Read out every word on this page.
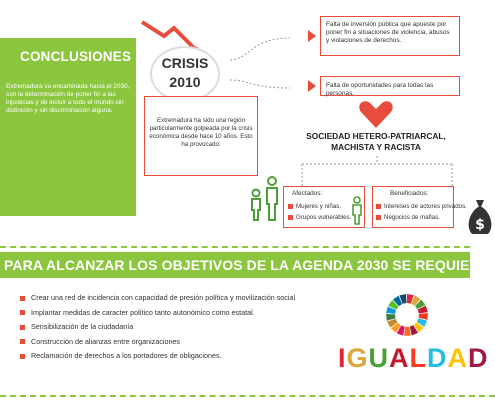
CONCLUSIONES
Extremadura va encaminada hacia el 2030, con la determinación de poner fin a las injusticias y de incluir a todo el mundo sin distinción y sin discriminación alguna.
CRISIS
2010
Extremadura ha sido una región particularmente golpeada por la crisis económica desde hace 10 años. Esto ha provocado:
Falta de inversión pública que apueste por poner fin a situaciones de violencia, abusos y violaciones de derechos.
Falta de oportunidades para todas las personas.
SOCIEDAD HETERO-PATRIARCAL,
MACHISTA Y RACISTA
Afectados:
Mujeres y niñas.
Grupos vulnerables.
Beneficiados:
Intereses de actores privados.
Negocios de mafias.	$
PARA ALCANZAR LOS OBJETIVOS DE LA AGENDA 2030 SE REQUIERE:
Crear una red de incidencia con capacidad de presión política y movilización social
Implantar medidas de caracter político tanto autonómico como estatal.
Sensibilización de la ciudadanía
Construcción de alianzas entre organizaciones
Reclamación de derechos a los portadores de obligaciones.	IGUALDAD
